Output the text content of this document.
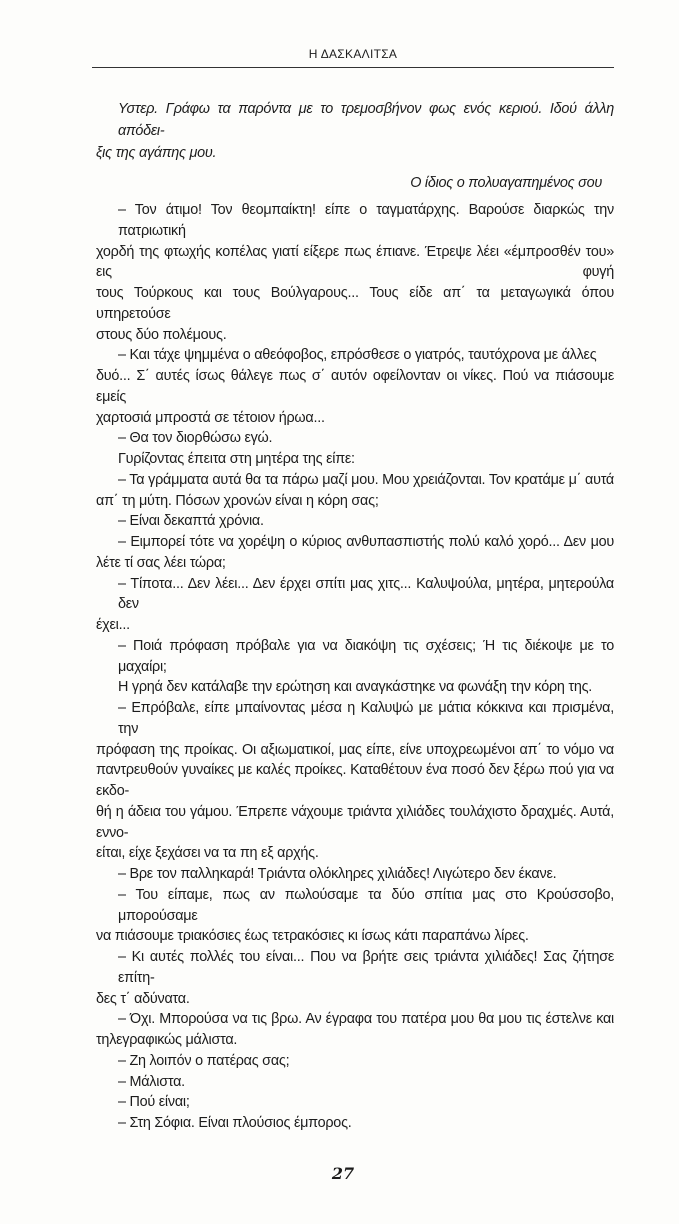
Η ΔΑΣΚΑΛΙΤΣΑ
Υστερ. Γράφω τα παρόντα με το τρεμοσβήνον φως ενός κεριού. Ιδού άλλη απόδει-
ξις της αγάπης μου.
Ο ίδιος ο πολυαγαπημένος σου
– Τον άτιμο! Τον θεομπαίκτη! είπε ο ταγματάρχης. Βαρούσε διαρκώς την πατριωτική
χορδή της φτωχής κοπέλας γιατί είξερε πως έπιανε. Έτρεψε λέει «έμπροσθέν του» εις φυγή
τους Τούρκους και τους Βούλγαρους... Τους είδε απ΄ τα μεταγωγικά όπου υπηρετούσε
στους δύο πολέμους.
– Και τάχε ψημμένα ο αθεόφοβος, επρόσθεσε ο γιατρός, ταυτόχρονα με άλλες
δυό... Σ΄ αυτές ίσως θάλεγε πως σ΄ αυτόν οφείλονταν οι νίκες. Πού να πιάσουμε εμείς
χαρτοσιά μπροστά σε τέτοιον ήρωα...
– Θα τον διορθώσω εγώ.
Γυρίζοντας έπειτα στη μητέρα της είπε:
– Τα γράμματα αυτά θα τα πάρω μαζί μου. Μου χρειάζονται. Τον κρατάμε μ΄ αυτά
απ΄ τη μύτη. Πόσων χρονών είναι η κόρη σας;
– Είναι δεκαπτά χρόνια.
– Ειμπορεί τότε να χορέψη ο κύριος ανθυπασπιστής πολύ καλό χορό... Δεν μου
λέτε τί σας λέει τώρα;
– Τίποτα... Δεν λέει... Δεν έρχει σπίτι μας χιτς... Καλυψούλα, μητέρα, μητερούλα δεν
έχει...
– Ποιά πρόφαση πρόβαλε για να διακόψη τις σχέσεις; Ή τις διέκοψε με το μαχαίρι;
Η γρηά δεν κατάλαβε την ερώτηση και αναγκάστηκε να φωνάξη την κόρη της.
– Επρόβαλε, είπε μπαίνοντας μέσα η Καλυψώ με μάτια κόκκινα και πρισμένα, την
πρόφαση της προίκας. Οι αξιωματικοί, μας είπε, είνε υποχρεωμένοι απ΄ το νόμο να
παντρευθούν γυναίκες με καλές προίκες. Καταθέτουν ένα ποσό δεν ξέρω πού για να εκδο-
θή η άδεια του γάμου. Έπρεπε νάχουμε τριάντα χιλιάδες τουλάχιστο δραχμές. Αυτά, εννο-
είται, είχε ξεχάσει να τα πη εξ αρχής.
– Βρε τον παλληκαρά! Τριάντα ολόκληρες χιλιάδες! Λιγώτερο δεν έκανε.
– Του είπαμε, πως αν πωλούσαμε τα δύο σπίτια μας στο Κρούσσοβο, μπορούσαμε
να πιάσουμε τριακόσιες έως τετρακόσιες κι ίσως κάτι παραπάνω λίρες.
– Κι αυτές πολλές του είναι... Που να βρήτε σεις τριάντα χιλιάδες! Σας ζήτησε επίτη-
δες τ΄ αδύνατα.
– Όχι. Μπορούσα να τις βρω. Αν έγραφα του πατέρα μου θα μου τις έστελνε και
τηλεγραφικώς μάλιστα.
– Ζη λοιπόν ο πατέρας σας;
– Μάλιστα.
– Πού είναι;
– Στη Σόφια. Είναι πλούσιος έμπορος.
27
